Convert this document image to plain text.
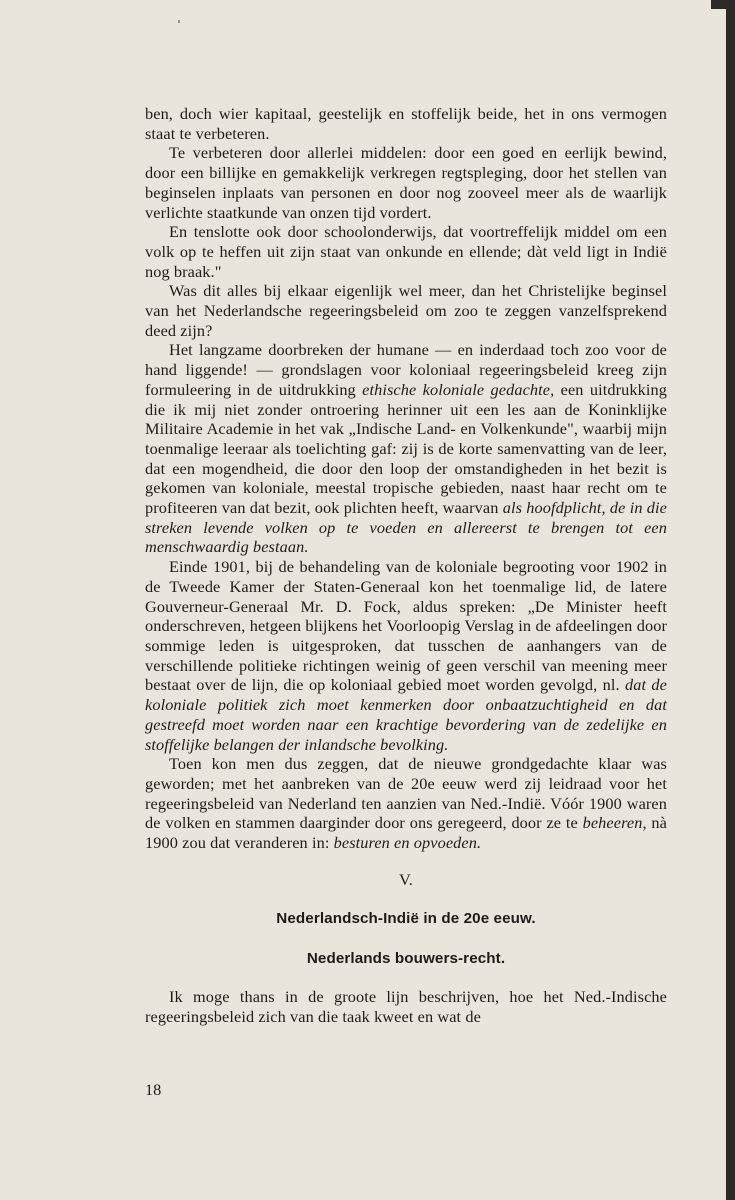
ben, doch wier kapitaal, geestelijk en stoffelijk beide, het in ons vermogen staat te verbeteren.

Te verbeteren door allerlei middelen: door een goed en eerlijk bewind, door een billijke en gemakkelijk verkregen regtspleging, door het stellen van beginselen inplaats van personen en door nog zooveel meer als de waarlijk verlichte staatkunde van onzen tijd vordert.

En tenslotte ook door schoolonderwijs, dat voortreffelijk middel om een volk op te heffen uit zijn staat van onkunde en ellende; dàt veld ligt in Indië nog braak."

Was dit alles bij elkaar eigenlijk wel meer, dan het Christelijke beginsel van het Nederlandsche regeeringsbeleid om zoo te zeggen vanzelfsprekend deed zijn?

Het langzame doorbreken der humane — en inderdaad toch zoo voor de hand liggende! — grondslagen voor koloniaal regeeringsbeleid kreeg zijn formuleering in de uitdrukking ethische koloniale gedachte, een uitdrukking die ik mij niet zonder ontroering herinner uit een les aan de Koninklijke Militaire Academie in het vak „Indische Land- en Volkenkunde", waarbij mijn toenmalige leeraar als toelichting gaf: zij is de korte samenvatting van de leer, dat een mogendheid, die door den loop der omstandigheden in het bezit is gekomen van koloniale, meestal tropische gebieden, naast haar recht om te profiteeren van dat bezit, ook plichten heeft, waarvan als hoofdplicht, de in die streken levende volken op te voeden en allereerst te brengen tot een menschwaardig bestaan.

Einde 1901, bij de behandeling van de koloniale begrooting voor 1902 in de Tweede Kamer der Staten-Generaal kon het toenmalige lid, de latere Gouverneur-Generaal Mr. D. Fock, aldus spreken: „De Minister heeft onderschreven, hetgeen blijkens het Voorloopig Verslag in de afdeelingen door sommige leden is uitgesproken, dat tusschen de aanhangers van de verschillende politieke richtingen weinig of geen verschil van meening meer bestaat over de lijn, die op koloniaal gebied moet worden gevolgd, nl. dat de koloniale politiek zich moet kenmerken door onbaatzuchtigheid en dat gestreefd moet worden naar een krachtige bevordering van de zedelijke en stoffelijke belangen der inlandsche bevolking.

Toen kon men dus zeggen, dat de nieuwe grondgedachte klaar was geworden; met het aanbreken van de 20e eeuw werd zij leidraad voor het regeeringsbeleid van Nederland ten aanzien van Ned.-Indië. Vóór 1900 waren de volken en stammen daarginder door ons geregeerd, door ze te beheeren, nà 1900 zou dat veranderen in: besturen en opvoeden.

V.

Nederlandsch-Indië in de 20e eeuw.

Nederlands bouwers-recht.

Ik moge thans in de groote lijn beschrijven, hoe het Ned.-Indische regeeringsbeleid zich van die taak kweet en wat de

18
